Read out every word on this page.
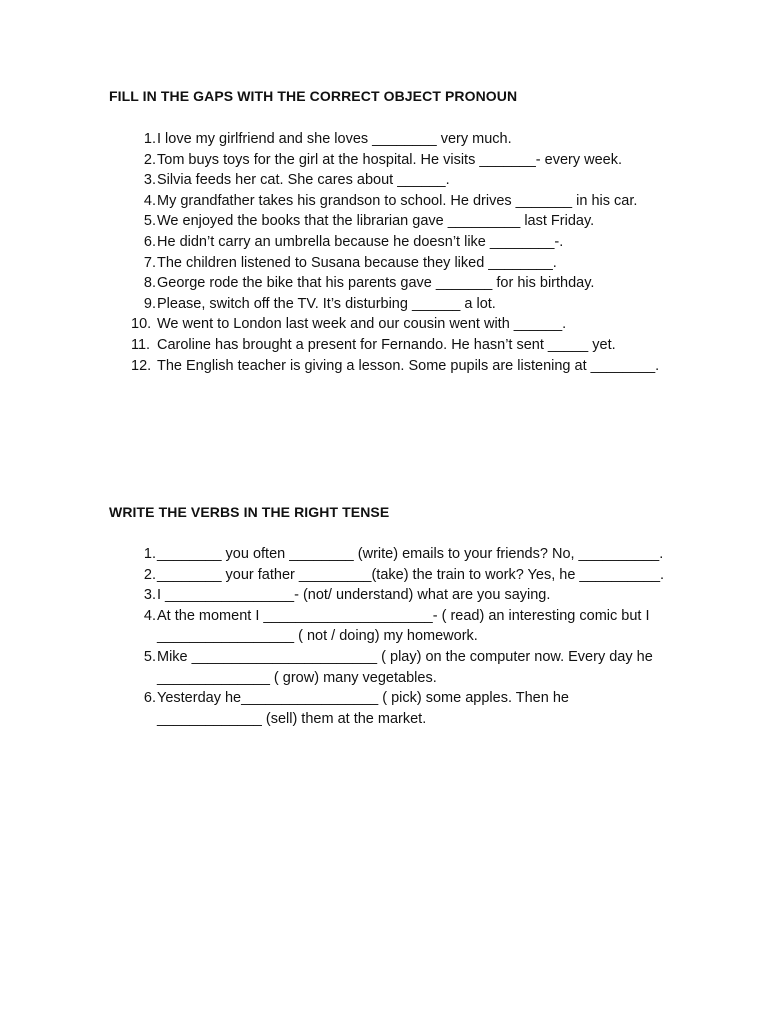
FILL IN THE GAPS WITH THE CORRECT OBJECT PRONOUN
1. I love my girlfriend and she loves ________ very much.
2. Tom buys toys for the girl at the hospital. He visits _______- every week.
3. Silvia feeds her cat. She cares about ______.
4. My grandfather takes his grandson to school. He drives _______ in his car.
5. We enjoyed the books that the librarian gave _________ last Friday.
6. He didn’t carry an umbrella because he doesn’t like ________-.
7. The children listened to Susana because they liked ________.
8. George rode the bike that his parents gave _______ for his birthday.
9. Please, switch off the TV. It’s disturbing ______ a lot.
10. We went to London last week and our cousin went with ______.
11. Caroline has brought a present for Fernando. He hasn’t sent _____ yet.
12. The English teacher is giving a lesson. Some pupils are listening at ________.
WRITE THE VERBS IN THE RIGHT TENSE
1. ________ you often ________ (write) emails to your friends? No, __________.
2. ________ your father _________(take) the train to work? Yes, he __________.
3. I ________________- (not/ understand) what are you saying.
4. At the moment I _____________________- ( read) an interesting comic but I _________________ ( not / doing) my homework.
5. Mike _______________________ ( play) on the computer now. Every day he ______________ ( grow) many vegetables.
6. Yesterday he_________________ ( pick) some apples. Then he _____________ (sell) them at the market.
